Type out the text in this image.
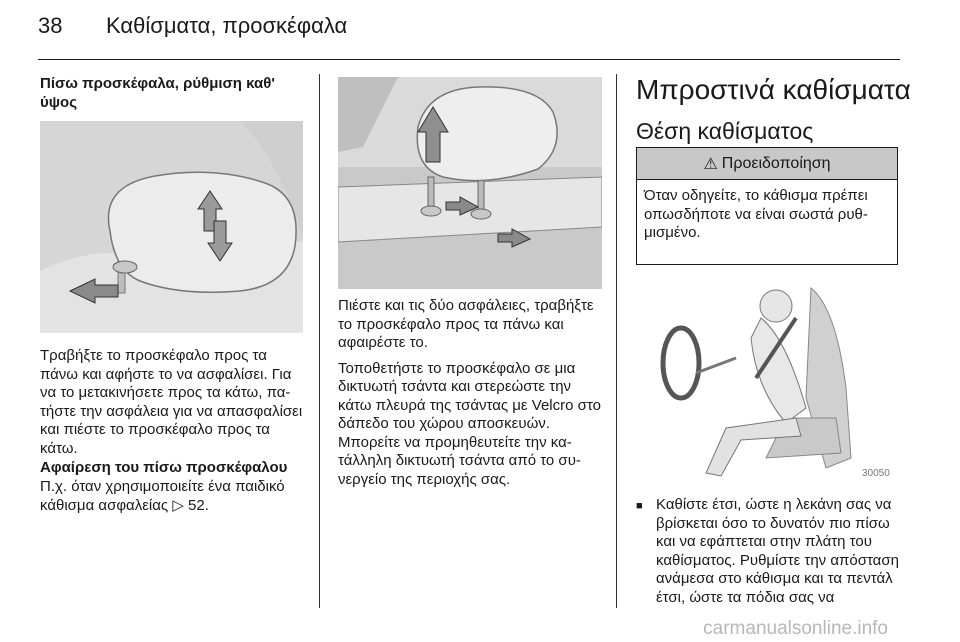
38 Καθίσματα, προσκέφαλα
Πίσω προσκέφαλα, ρύθμιση καθ' ύψος

Τραβήξτε το προσκέφαλο προς τα πάνω και αφήστε το να ασφαλίσει. Για να το μετακινήσετε προς τα κάτω, πατήστε την ασφάλεια για να απασφαλίσει και πιέστε το προσκέφαλο προς τα κάτω.

Αφαίρεση του πίσω προσκέφαλου

Π.χ. όταν χρησιμοποιείτε ένα παιδικό κάθισμα ασφαλείας ▷ 52.

Πιέστε και τις δύο ασφάλειες, τραβήξτε το προσκέφαλο προς τα πάνω και αφαιρέστε το.

Τοποθετήστε το προσκέφαλο σε μια δικτυωτή τσάντα και στερεώστε την κάτω πλευρά της τσάντας με Velcro στο δάπεδο του χώρου αποσκευών. Μπορείτε να προμηθευτείτε την κατάλληλη δικτυωτή τσάντα από το συνεργείο της περιοχής σας.

Μπροστινά καθίσματα
Θέση καθίσματος
⚠ Προειδοποίηση
Όταν οδηγείτε, το κάθισμα πρέπει οπωσδήποτε να είναι σωστά ρυθμισμένο.
30050
■ Καθίστε έτσι, ώστε η λεκάνη σας να βρίσκεται όσο το δυνατόν πιο πίσω και να εφάπτεται στην πλάτη του καθίσματος. Ρυθμίστε την απόσταση ανάμεσα στο κάθισμα και τα πεντάλ έτσι, ώστε τα πόδια σας να
carmanualsonline.info
